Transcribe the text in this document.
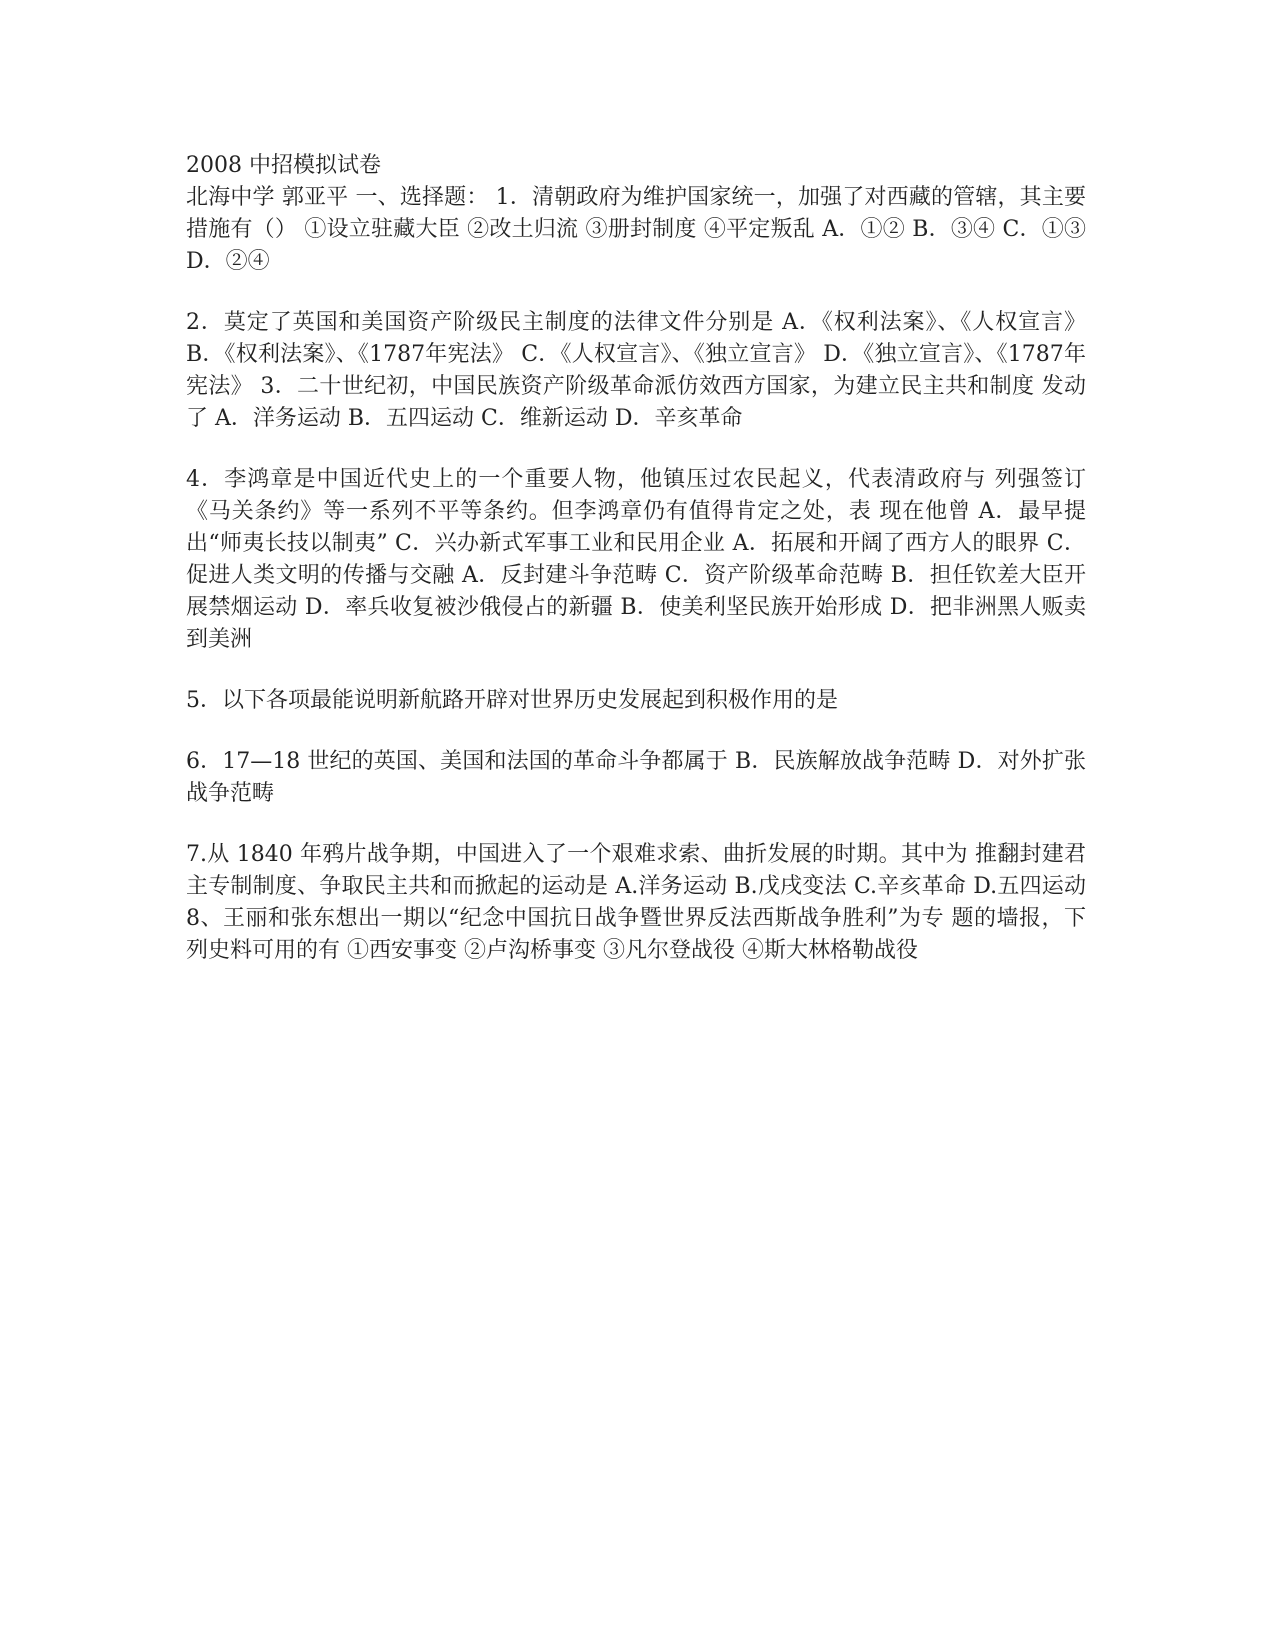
2008 中招模拟试卷

北海中学 郭亚平 一、选择题： 1．清朝政府为维护国家统一，加强了对西藏的管辖，其主要措施有（） ①设立驻藏大臣 ②改土归流 ③册封制度 ④平定叛乱 A．①② B．③④ C．①③ D．②④

2．莫定了英国和美国资产阶级民主制度的法律文件分别是 A．《权利法案》、《人权宣言》 B．《权利法案》、《1787年宪法》 C．《人权宣言》、《独立宣言》 D．《独立宣言》、《1787年宪法》 3．二十世纪初，中国民族资产阶级革命派仿效西方国家，为建立民主共和制度 发动了 A．洋务运动 B．五四运动 C．维新运动 D．辛亥革命

4．李鸿章是中国近代史上的一个重要人物，他镇压过农民起义，代表清政府与 列强签订《马关条约》等一系列不平等条约。但李鸿章仍有值得肯定之处，表 现在他曾 A．最早提出“师夷长技以制夷” C．兴办新式军事工业和民用企业 A．拓展和开阔了西方人的眼界 C．促进人类文明的传播与交融 A．反封建斗争范畴 C．资产阶级革命范畴 B．担任钦差大臣开展禁烟运动 D．率兵收复被沙俄侵占的新疆 B．使美利坚民族开始形成 D．把非洲黑人贩卖到美洲

5．以下各项最能说明新航路开辟对世界历史发展起到积极作用的是

6．17—18 世纪的英国、美国和法国的革命斗争都属于 B．民族解放战争范畴 D．对外扩张战争范畴

7.从 1840 年鸦片战争期，中国进入了一个艰难求索、曲折发展的时期。其中为 推翻封建君主专制制度、争取民主共和而掀起的运动是 A.洋务运动 B.戊戌变法 C.辛亥革命 D.五四运动 8、王丽和张东想出一期以“纪念中国抗日战争暨世界反法西斯战争胜利”为专 题的墙报，下列史料可用的有 ①西安事变 ②卢沟桥事变 ③凡尔登战役 ④斯大林格勒战役
